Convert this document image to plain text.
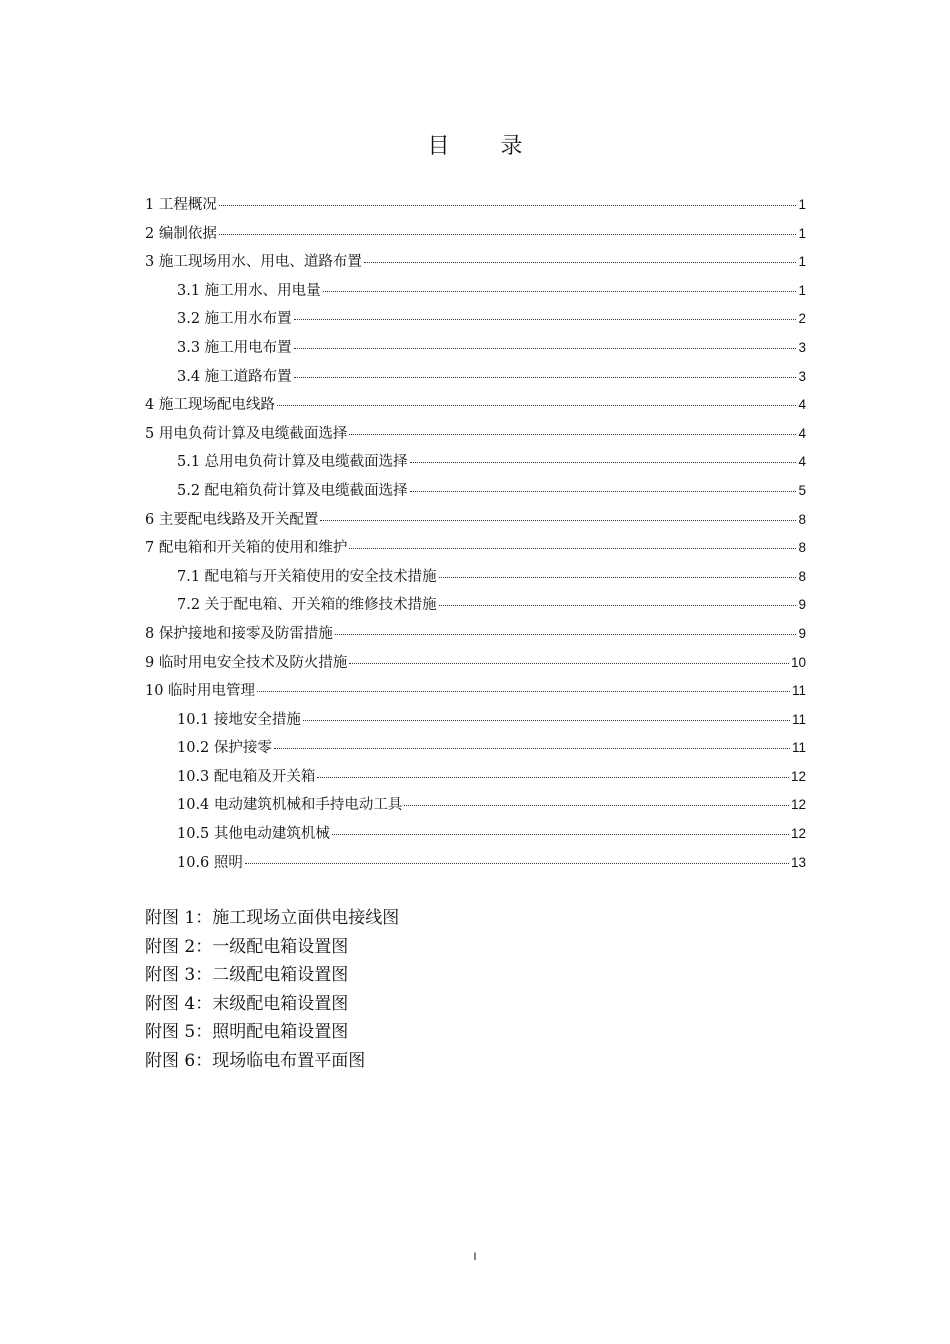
目 录
1 工程概况	1
2 编制依据	1
3 施工现场用水、用电、道路布置	1
3.1 施工用水、用电量	1
3.2 施工用水布置	2
3.3 施工用电布置	3
3.4 施工道路布置	3
4 施工现场配电线路	4
5 用电负荷计算及电缆截面选择	4
5.1 总用电负荷计算及电缆截面选择	4
5.2 配电箱负荷计算及电缆截面选择	5
6 主要配电线路及开关配置	8
7 配电箱和开关箱的使用和维护	8
7.1 配电箱与开关箱使用的安全技术措施	8
7.2 关于配电箱、开关箱的维修技术措施	9
8 保护接地和接零及防雷措施	9
9 临时用电安全技术及防火措施	10
10 临时用电管理	11
10.1 接地安全措施	11
10.2 保护接零	11
10.3 配电箱及开关箱	12
10.4 电动建筑机械和手持电动工具	12
10.5 其他电动建筑机械	12
10.6 照明	13
附图 1：施工现场立面供电接线图
附图 2：一级配电箱设置图
附图 3：二级配电箱设置图
附图 4：末级配电箱设置图
附图 5：照明配电箱设置图
附图 6：现场临电布置平面图
I
